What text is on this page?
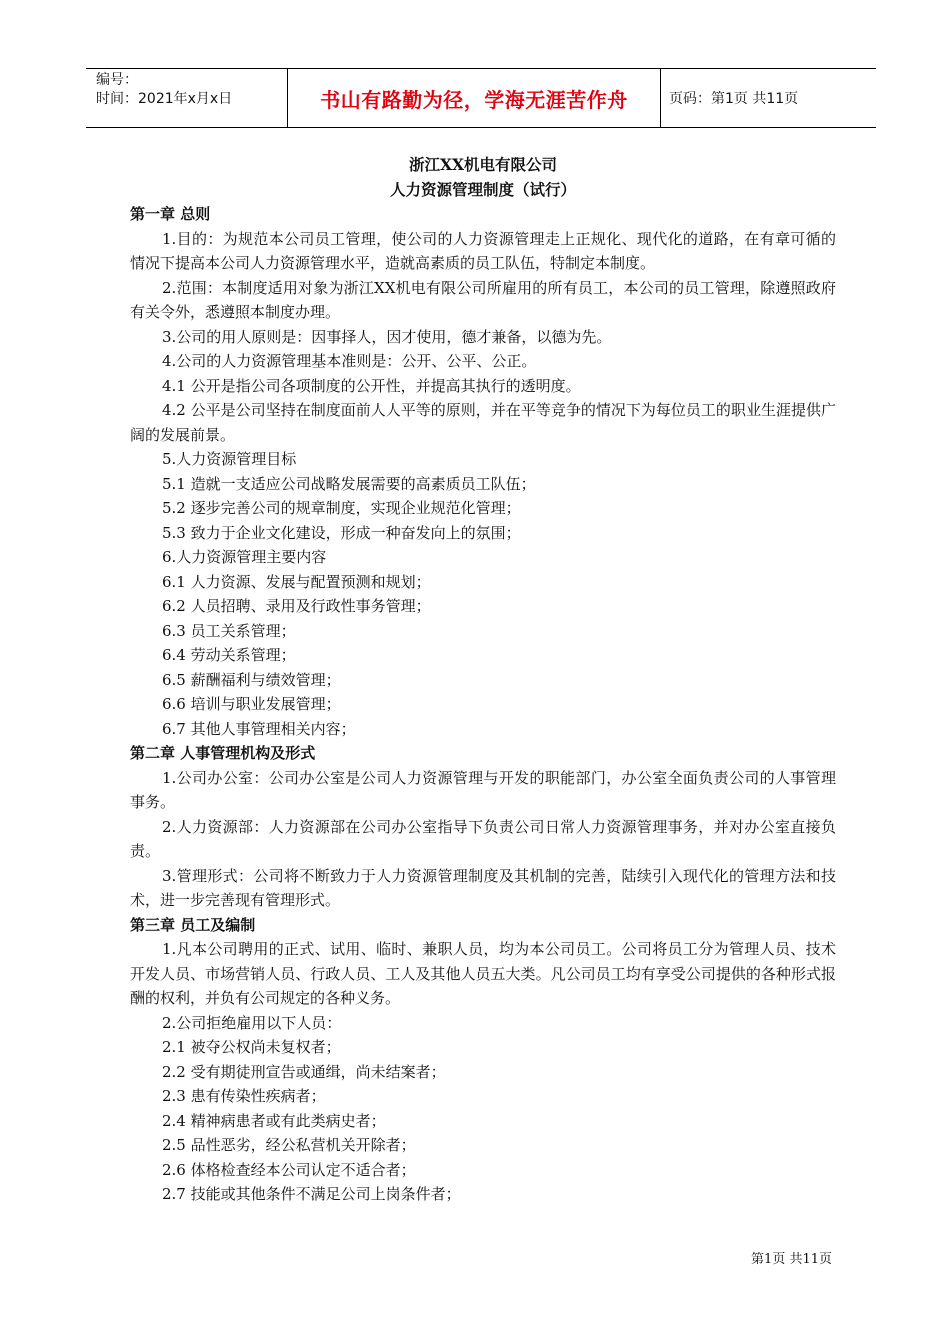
编号：
时间：2021年x月x日	书山有路勤为径，学海无涯苦作舟	页码：第1页 共11页
浙江XX机电有限公司
人力资源管理制度（试行）
第一章 总则
1.目的：为规范本公司员工管理，使公司的人力资源管理走上正规化、现代化的道路，在有章可循的情况下提高本公司人力资源管理水平，造就高素质的员工队伍，特制定本制度。
2.范围：本制度适用对象为浙江XX机电有限公司所雇用的所有员工，本公司的员工管理，除遵照政府有关令外，悉遵照本制度办理。
3.公司的用人原则是：因事择人，因才使用，德才兼备，以德为先。
4.公司的人力资源管理基本准则是：公开、公平、公正。
4.1 公开是指公司各项制度的公开性，并提高其执行的透明度。
4.2 公平是公司坚持在制度面前人人平等的原则，并在平等竞争的情况下为每位员工的职业生涯提供广阔的发展前景。
5.人力资源管理目标
5.1 造就一支适应公司战略发展需要的高素质员工队伍；
5.2 逐步完善公司的规章制度，实现企业规范化管理；
5.3 致力于企业文化建设，形成一种奋发向上的氛围；
6.人力资源管理主要内容
6.1 人力资源、发展与配置预测和规划；
6.2 人员招聘、录用及行政性事务管理；
6.3 员工关系管理；
6.4 劳动关系管理；
6.5 薪酬福利与绩效管理；
6.6 培训与职业发展管理；
6.7 其他人事管理相关内容；
第二章 人事管理机构及形式
1.公司办公室：公司办公室是公司人力资源管理与开发的职能部门，办公室全面负责公司的人事管理事务。
2.人力资源部：人力资源部在公司办公室指导下负责公司日常人力资源管理事务，并对办公室直接负责。
3.管理形式：公司将不断致力于人力资源管理制度及其机制的完善，陆续引入现代化的管理方法和技术，进一步完善现有管理形式。
第三章 员工及编制
1.凡本公司聘用的正式、试用、临时、兼职人员，均为本公司员工。公司将员工分为管理人员、技术开发人员、市场营销人员、行政人员、工人及其他人员五大类。凡公司员工均有享受公司提供的各种形式报酬的权利，并负有公司规定的各种义务。
2.公司拒绝雇用以下人员：
2.1 被夺公权尚未复权者；
2.2 受有期徒刑宣告或通缉，尚未结案者；
2.3 患有传染性疾病者；
2.4 精神病患者或有此类病史者；
2.5 品性恶劣，经公私营机关开除者；
2.6 体格检查经本公司认定不适合者；
2.7 技能或其他条件不满足公司上岗条件者；
第1页 共11页
